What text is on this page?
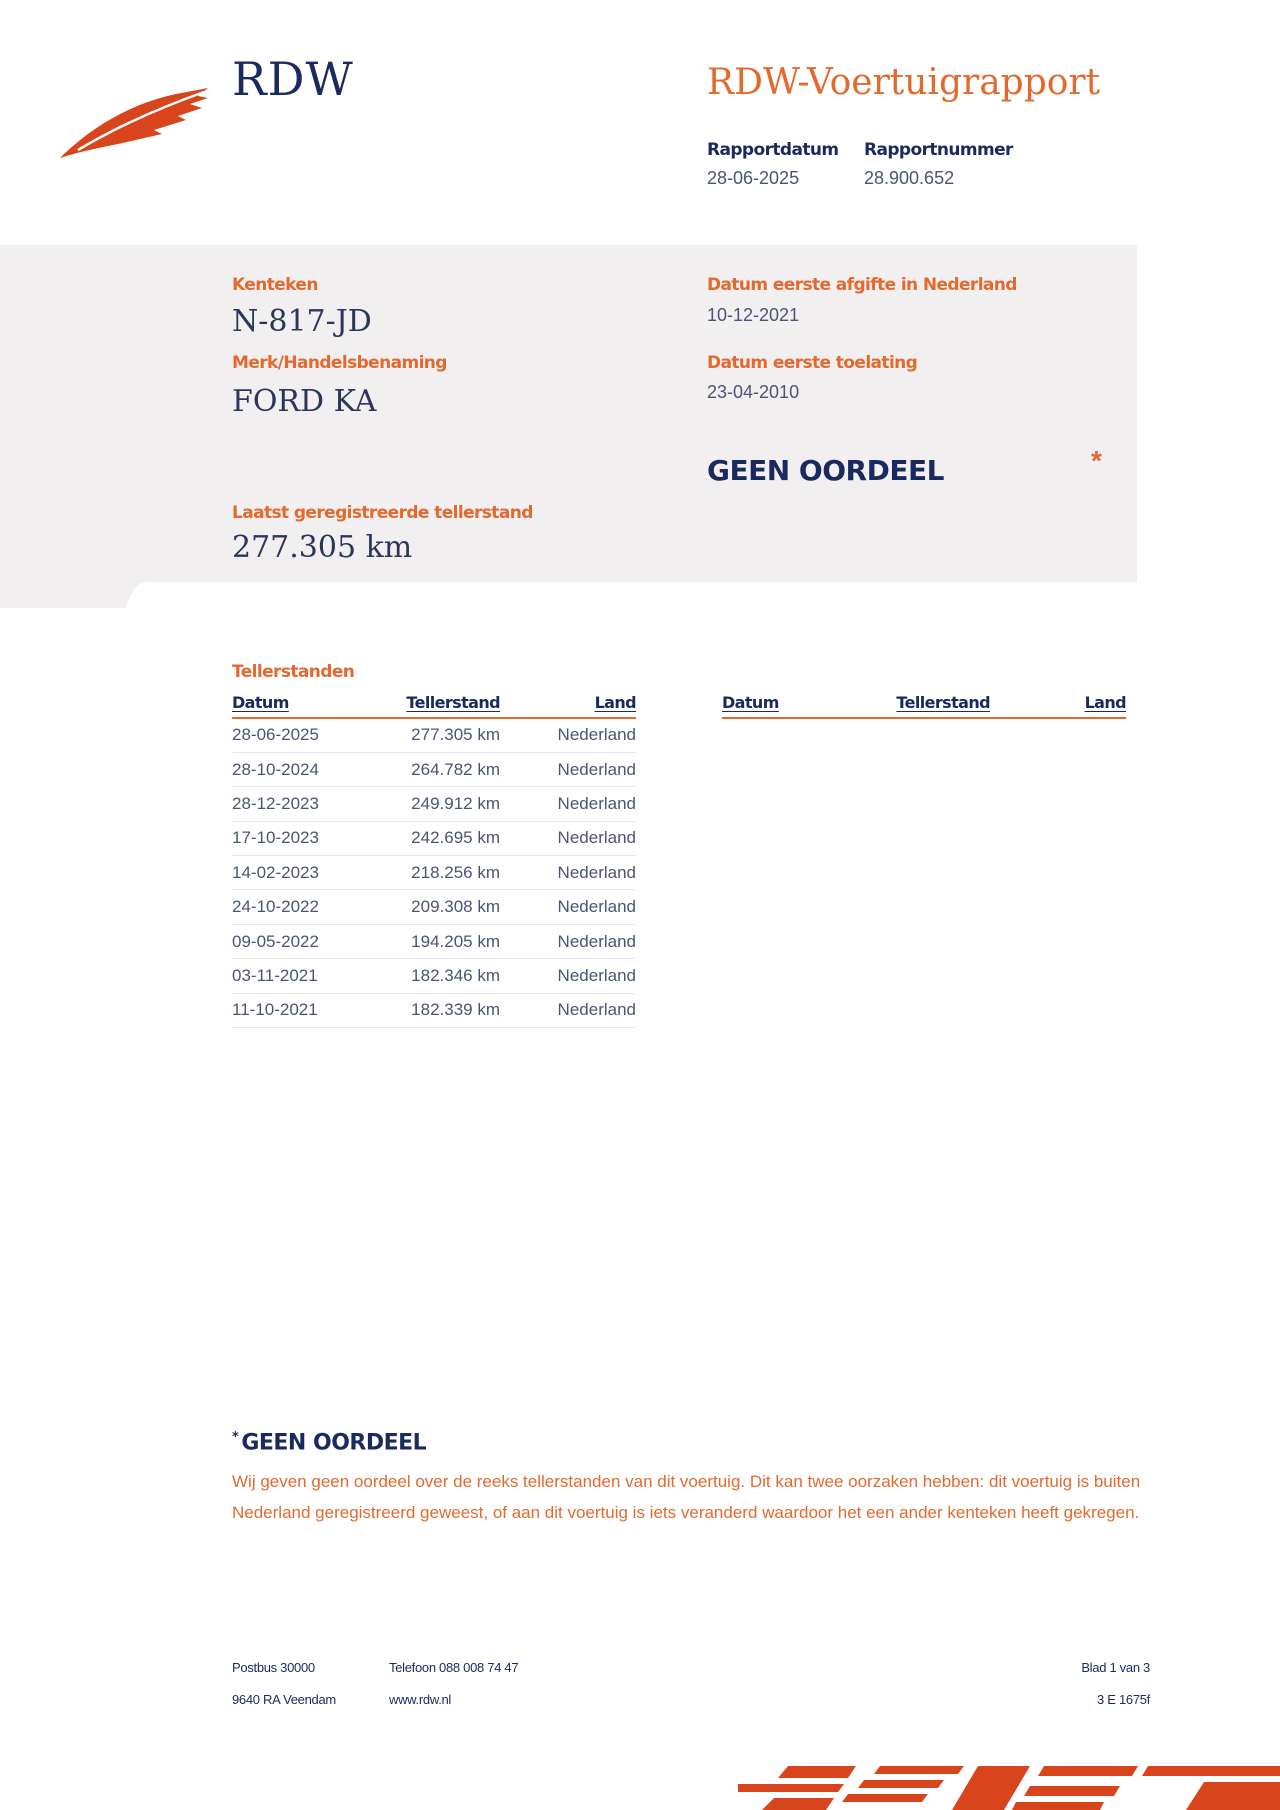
RDW	RDW-Voertuigrapport
Rapportdatum
28-06-2025
Rapportnummer
28.900.652
Kenteken
N-817-JD
Merk/Handelsbenaming
FORD KA
Datum eerste afgifte in Nederland
10-12-2021
Datum eerste toelating
23-04-2010
GEEN OORDEEL	*
Laatst geregistreerde tellerstand
277.305 km
Tellerstanden
Datum	Tellerstand	Land
28-06-2025	277.305 km	Nederland
28-10-2024	264.782 km	Nederland
28-12-2023	249.912 km	Nederland
17-10-2023	242.695 km	Nederland
14-02-2023	218.256 km	Nederland
24-10-2022	209.308 km	Nederland
09-05-2022	194.205 km	Nederland
03-11-2021	182.346 km	Nederland
11-10-2021	182.339 km	Nederland
Datum	Tellerstand	Land
* GEEN OORDEEL
Wij geven geen oordeel over de reeks tellerstanden van dit voertuig. Dit kan twee oorzaken hebben: dit voertuig is buiten Nederland geregistreerd geweest, of aan dit voertuig is iets veranderd waardoor het een ander kenteken heeft gekregen.
Postbus 30000
9640 RA Veendam
Telefoon 088 008 74 47
www.rdw.nl
Blad 1 van 3
3 E 1675f
